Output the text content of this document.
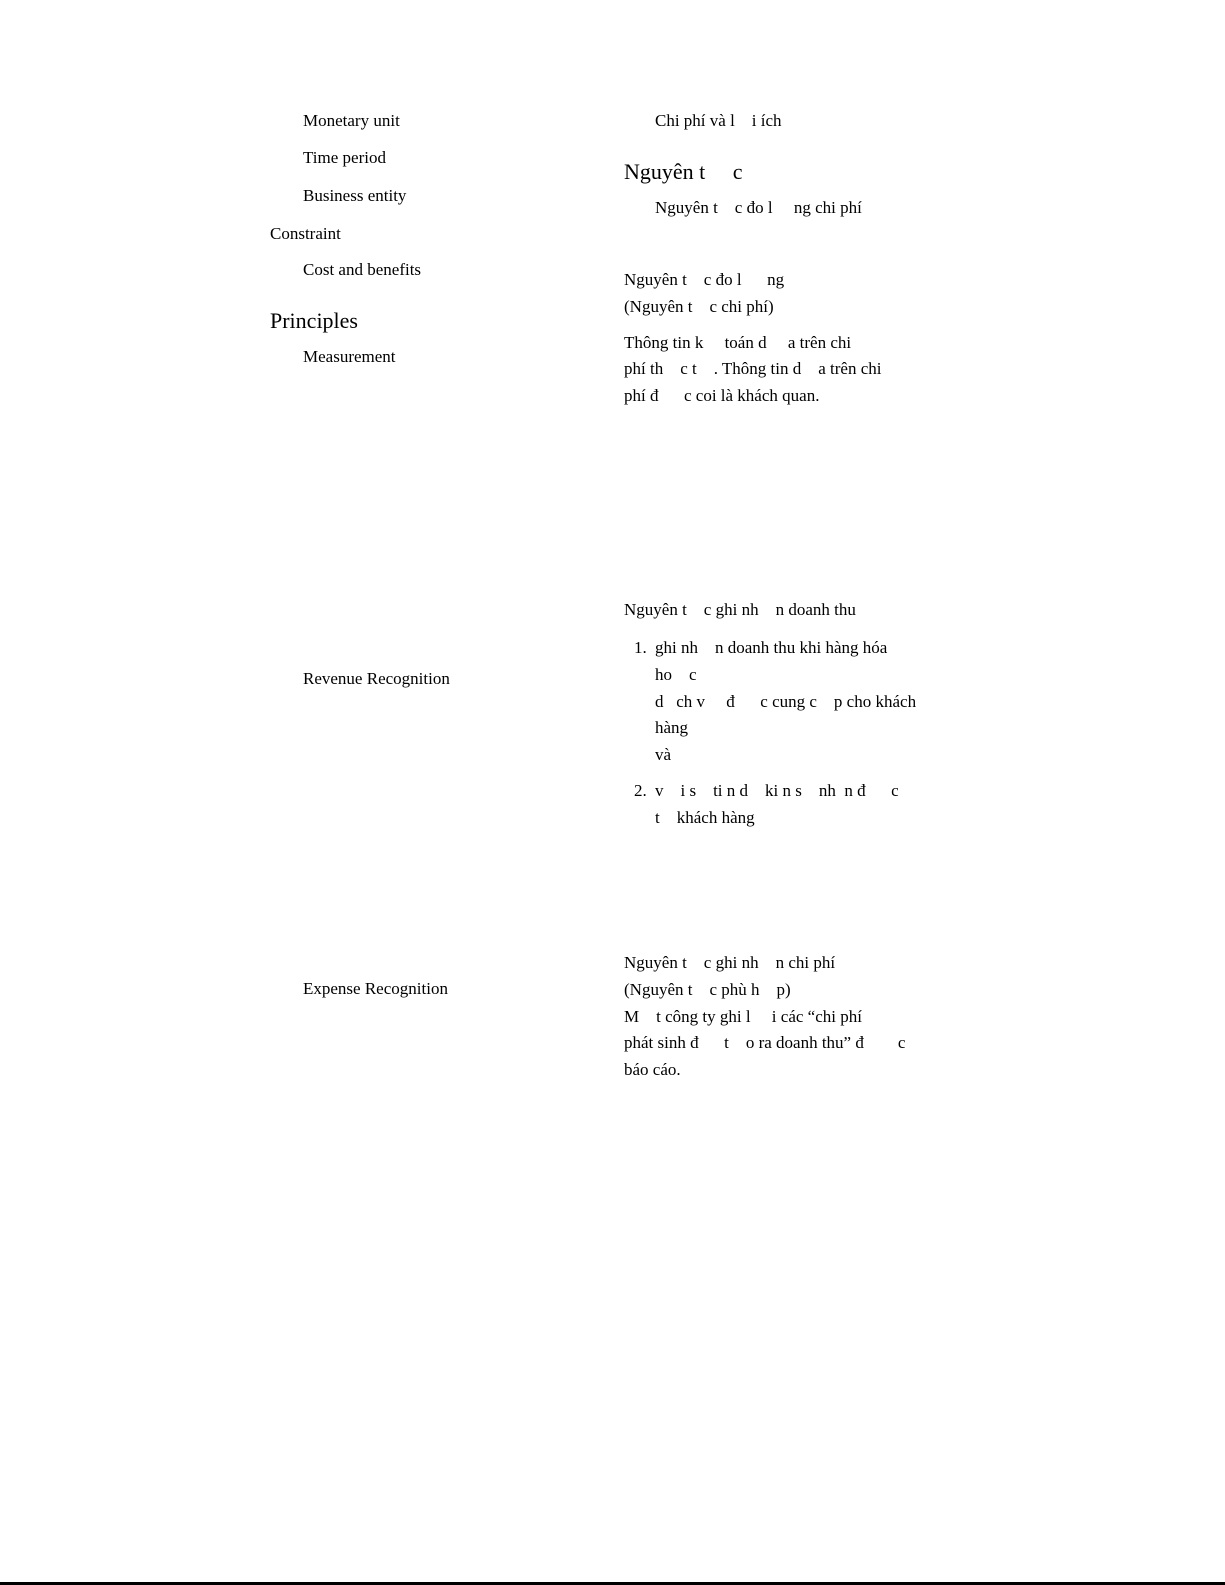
Monetary unit
Time period
Business entity
Constraint
Cost and benefits
Principles
Measurement
Revenue Recognition
Expense Recognition
Chi phí và l    i ích
Nguyên t     c
Nguyên t    c đo l     ng chi phí
Nguyên t    c đo l      ng
(Nguyên t    c chi phí)
Thông tin k     toán d     a trên chi
phí th    c t    . Thông tin d    a trên chi
phí đ      c coi là khách quan.
Nguyên t    c ghi nh    n doanh thu
1. ghi nh    n doanh thu khi hàng hóa
ho    c
d   ch v     đ      c cung c    p cho khách
hàng
và
2. v    i s    ti n d    ki n s    nh  n đ      c
t    khách hàng
Nguyên t    c ghi nh    n chi phí
(Nguyên t    c phù h    p)
M    t công ty ghi l     i các “chi phí
phát sinh đ      t    o ra doanh thu” đ        c
báo cáo.
